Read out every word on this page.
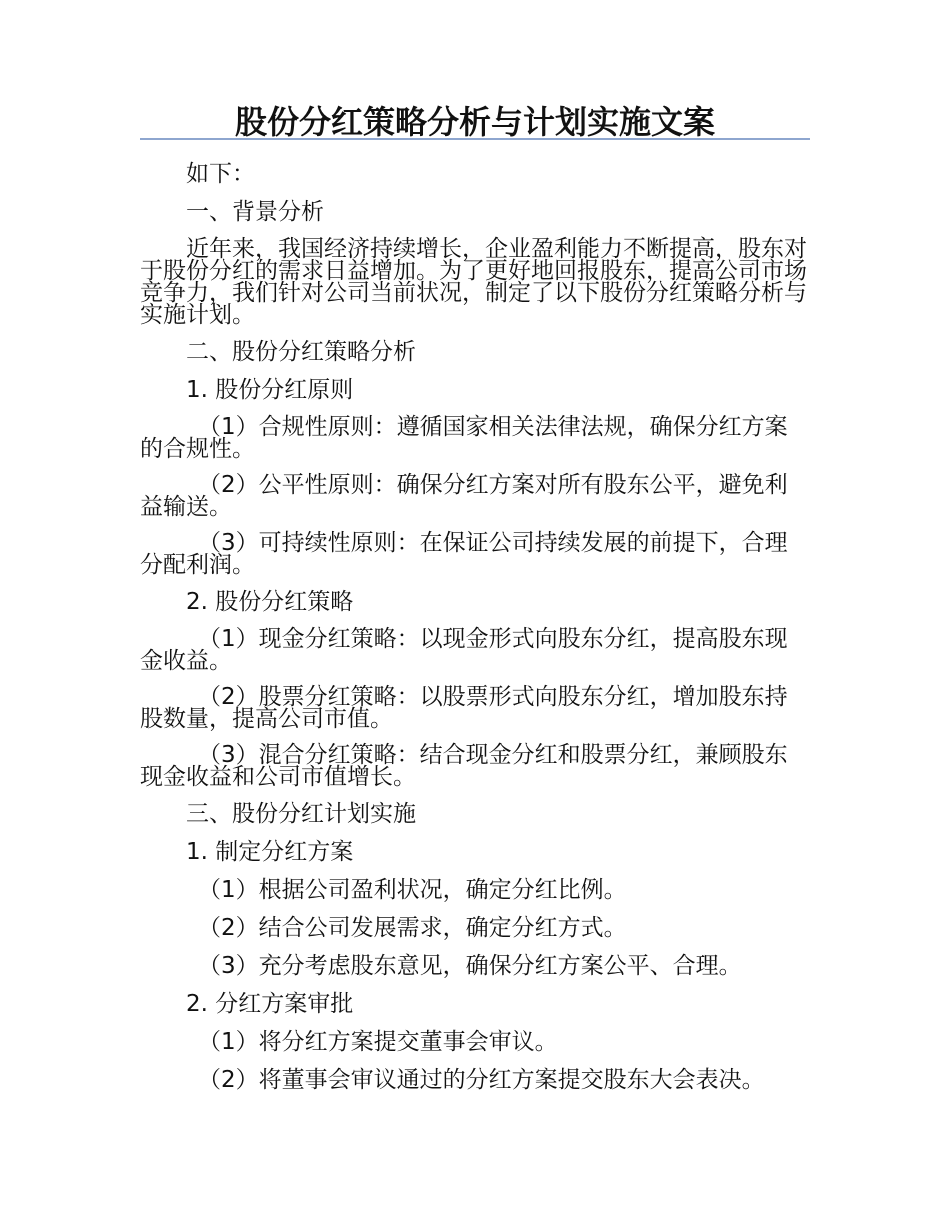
股份分红策略分析与计划实施文案

如下：

一、背景分析

近年来，我国经济持续增长，企业盈利能力不断提高，股东对于股份分红的需求日益增加。为了更好地回报股东，提高公司市场竞争力，我们针对公司当前状况，制定了以下股份分红策略分析与实施计划。

二、股份分红策略分析

1. 股份分红原则

（1）合规性原则：遵循国家相关法律法规，确保分红方案的合规性。

（2）公平性原则：确保分红方案对所有股东公平，避免利益输送。

（3）可持续性原则：在保证公司持续发展的前提下，合理分配利润。

2. 股份分红策略

（1）现金分红策略：以现金形式向股东分红，提高股东现金收益。

（2）股票分红策略：以股票形式向股东分红，增加股东持股数量，提高公司市值。

（3）混合分红策略：结合现金分红和股票分红，兼顾股东现金收益和公司市值增长。

三、股份分红计划实施

1. 制定分红方案

（1）根据公司盈利状况，确定分红比例。

（2）结合公司发展需求，确定分红方式。

（3）充分考虑股东意见，确保分红方案公平、合理。

2. 分红方案审批

（1）将分红方案提交董事会审议。

（2）将董事会审议通过的分红方案提交股东大会表决。
